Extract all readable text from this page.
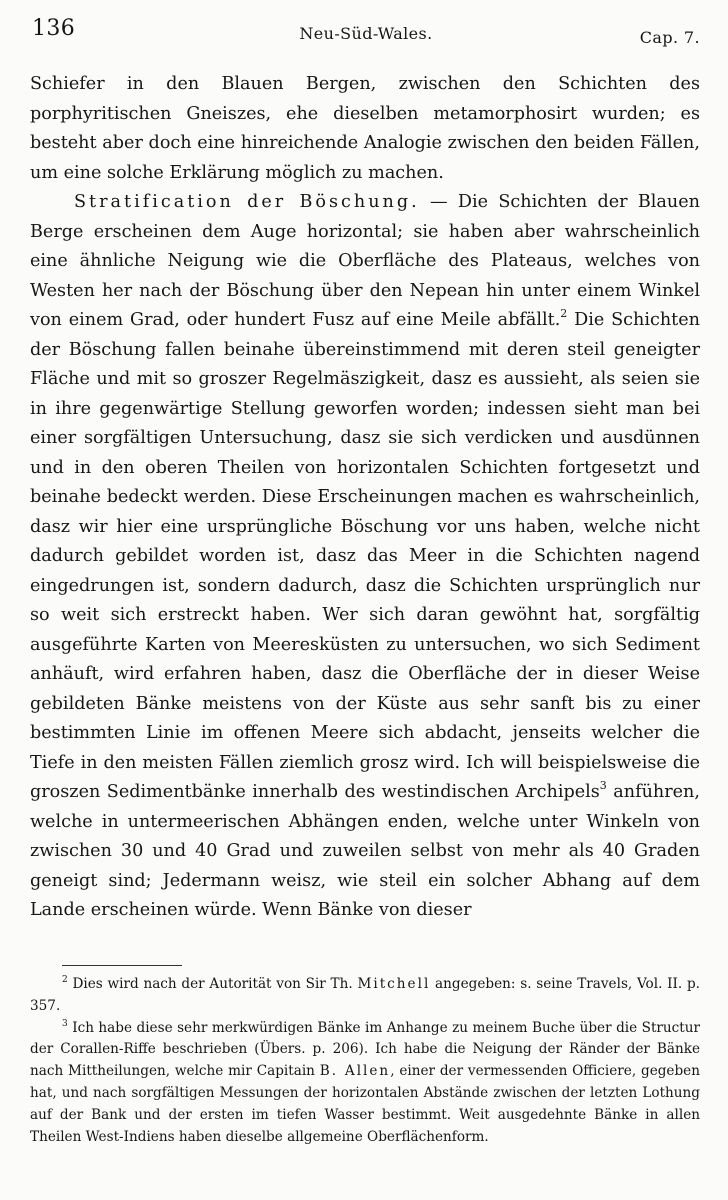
136	Neu-Süd-Wales.	Cap. 7.

Schiefer in den Blauen Bergen, zwischen den Schichten des porphyritischen Gneiszes, ehe dieselben metamorphosirt wurden; es besteht aber doch eine hinreichende Analogie zwischen den beiden Fällen, um eine solche Erklärung möglich zu machen.

Stratification der Böschung. — Die Schichten der Blauen Berge erscheinen dem Auge horizontal; sie haben aber wahrscheinlich eine ähnliche Neigung wie die Oberfläche des Plateaus, welches von Westen her nach der Böschung über den Nepean hin unter einem Winkel von einem Grad, oder hundert Fusz auf eine Meile abfällt.$^2$ Die Schichten der Böschung fallen beinahe übereinstimmend mit deren steil geneigter Fläche und mit so groszer Regelmäszigkeit, dasz es aussieht, als seien sie in ihre gegenwärtige Stellung geworfen worden; indessen sieht man bei einer sorgfältigen Untersuchung, dasz sie sich verdicken und ausdünnen und in den oberen Theilen von horizontalen Schichten fortgesetzt und beinahe bedeckt werden. Diese Erscheinungen machen es wahrscheinlich, dasz wir hier eine ursprüngliche Böschung vor uns haben, welche nicht dadurch gebildet worden ist, dasz das Meer in die Schichten nagend eingedrungen ist, sondern dadurch, dasz die Schichten ursprünglich nur so weit sich erstreckt haben. Wer sich daran gewöhnt hat, sorgfältig ausgeführte Karten von Meeresküsten zu untersuchen, wo sich Sediment anhäuft, wird erfahren haben, dasz die Oberfläche der in dieser Weise gebildeten Bänke meistens von der Küste aus sehr sanft bis zu einer bestimmten Linie im offenen Meere sich abdacht, jenseits welcher die Tiefe in den meisten Fällen ziemlich grosz wird. Ich will beispielsweise die groszen Sedimentbänke innerhalb des westindischen Archipels$^3$ anführen, welche in untermeerischen Abhängen enden, welche unter Winkeln von zwischen 30 und 40 Grad und zuweilen selbst von mehr als 40 Graden geneigt sind; Jedermann weisz, wie steil ein solcher Abhang auf dem Lande erscheinen würde. Wenn Bänke von dieser

$^2$ Dies wird nach der Autorität von Sir Th. Mitchell angegeben: s. seine Travels, Vol. II. p. 357.

$^3$ Ich habe diese sehr merkwürdigen Bänke im Anhange zu meinem Buche über die Structur der Corallen-Riffe beschrieben (Übers. p. 206). Ich habe die Neigung der Ränder der Bänke nach Mittheilungen, welche mir Capitain B. Allen, einer der vermessenden Officiere, gegeben hat, und nach sorgfältigen Messungen der horizontalen Abstände zwischen der letzten Lothung auf der Bank und der ersten im tiefen Wasser bestimmt. Weit ausgedehnte Bänke in allen Theilen West-Indiens haben dieselbe allgemeine Oberflächenform.
